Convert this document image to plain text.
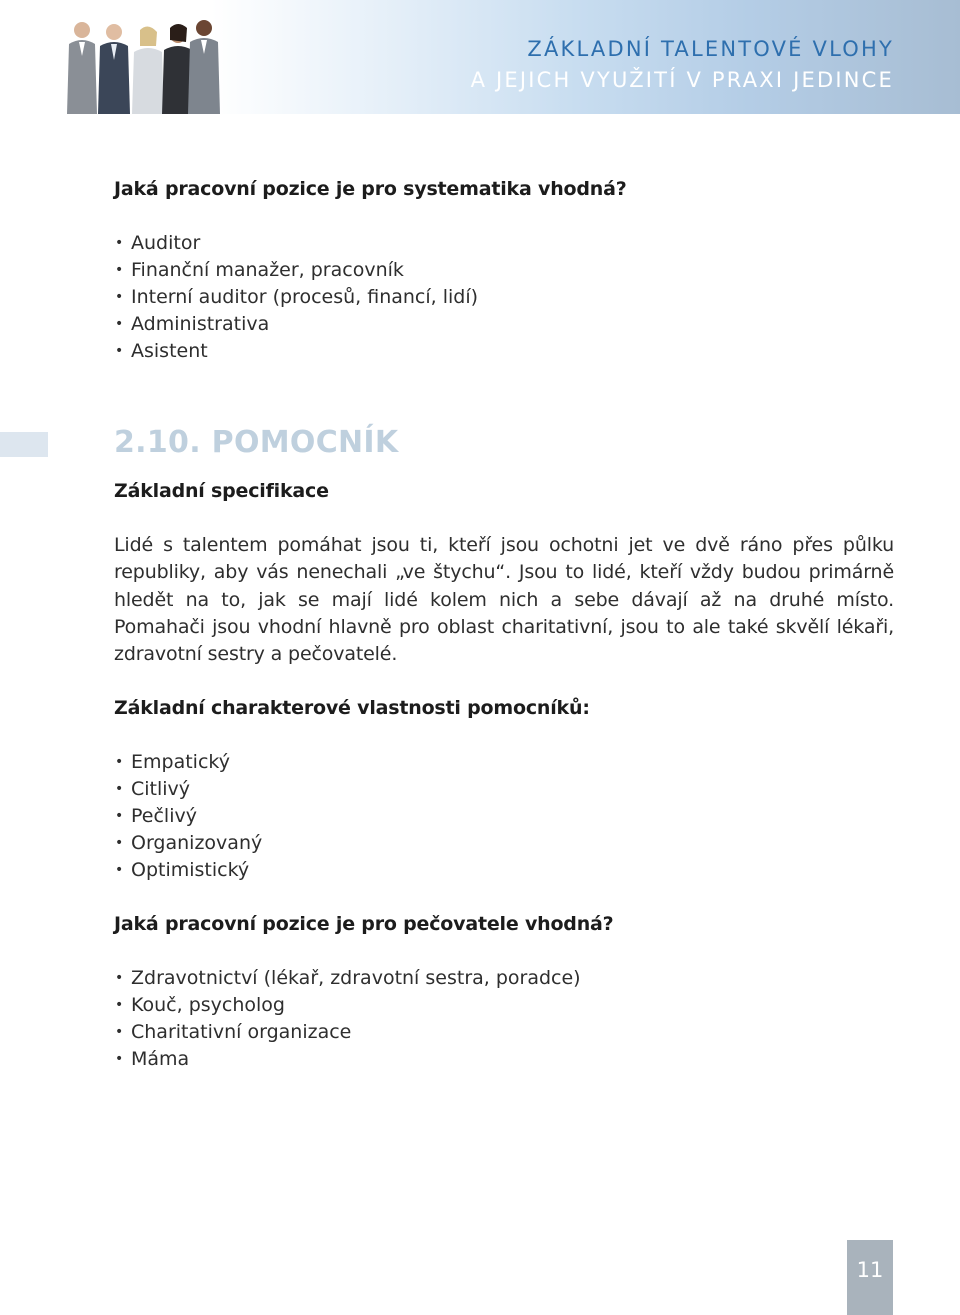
ZÁKLADNÍ TALENTOVÉ VLOHY
A JEJICH VYUŽITÍ V PRAXI JEDINCE
Jaká pracovní pozice je pro systematika vhodná?
• Auditor
• Finanční manažer, pracovník
• Interní auditor (procesů, financí, lidí)
• Administrativa
• Asistent
2.10. POMOCNÍK
Základní specifikace

Lidé s talentem pomáhat jsou ti, kteří jsou ochotni jet ve dvě ráno přes půlku republiky, aby vás nenechali „ve štychu“. Jsou to lidé, kteří vždy budou primárně hledět na to, jak se mají lidé kolem nich a sebe dávají až na druhé místo. Pomahači jsou vhodní hlavně pro oblast charitativní, jsou to ale také skvělí lékaři, zdravotní sestry a pečovatelé.

Základní charakterové vlastnosti pomocníků:
• Empatický
• Citlivý
• Pečlivý
• Organizovaný
• Optimistický
Jaká pracovní pozice je pro pečovatele vhodná?
• Zdravotnictví (lékař, zdravotní sestra, poradce)
• Kouč, psycholog
• Charitativní organizace
• Máma
11
